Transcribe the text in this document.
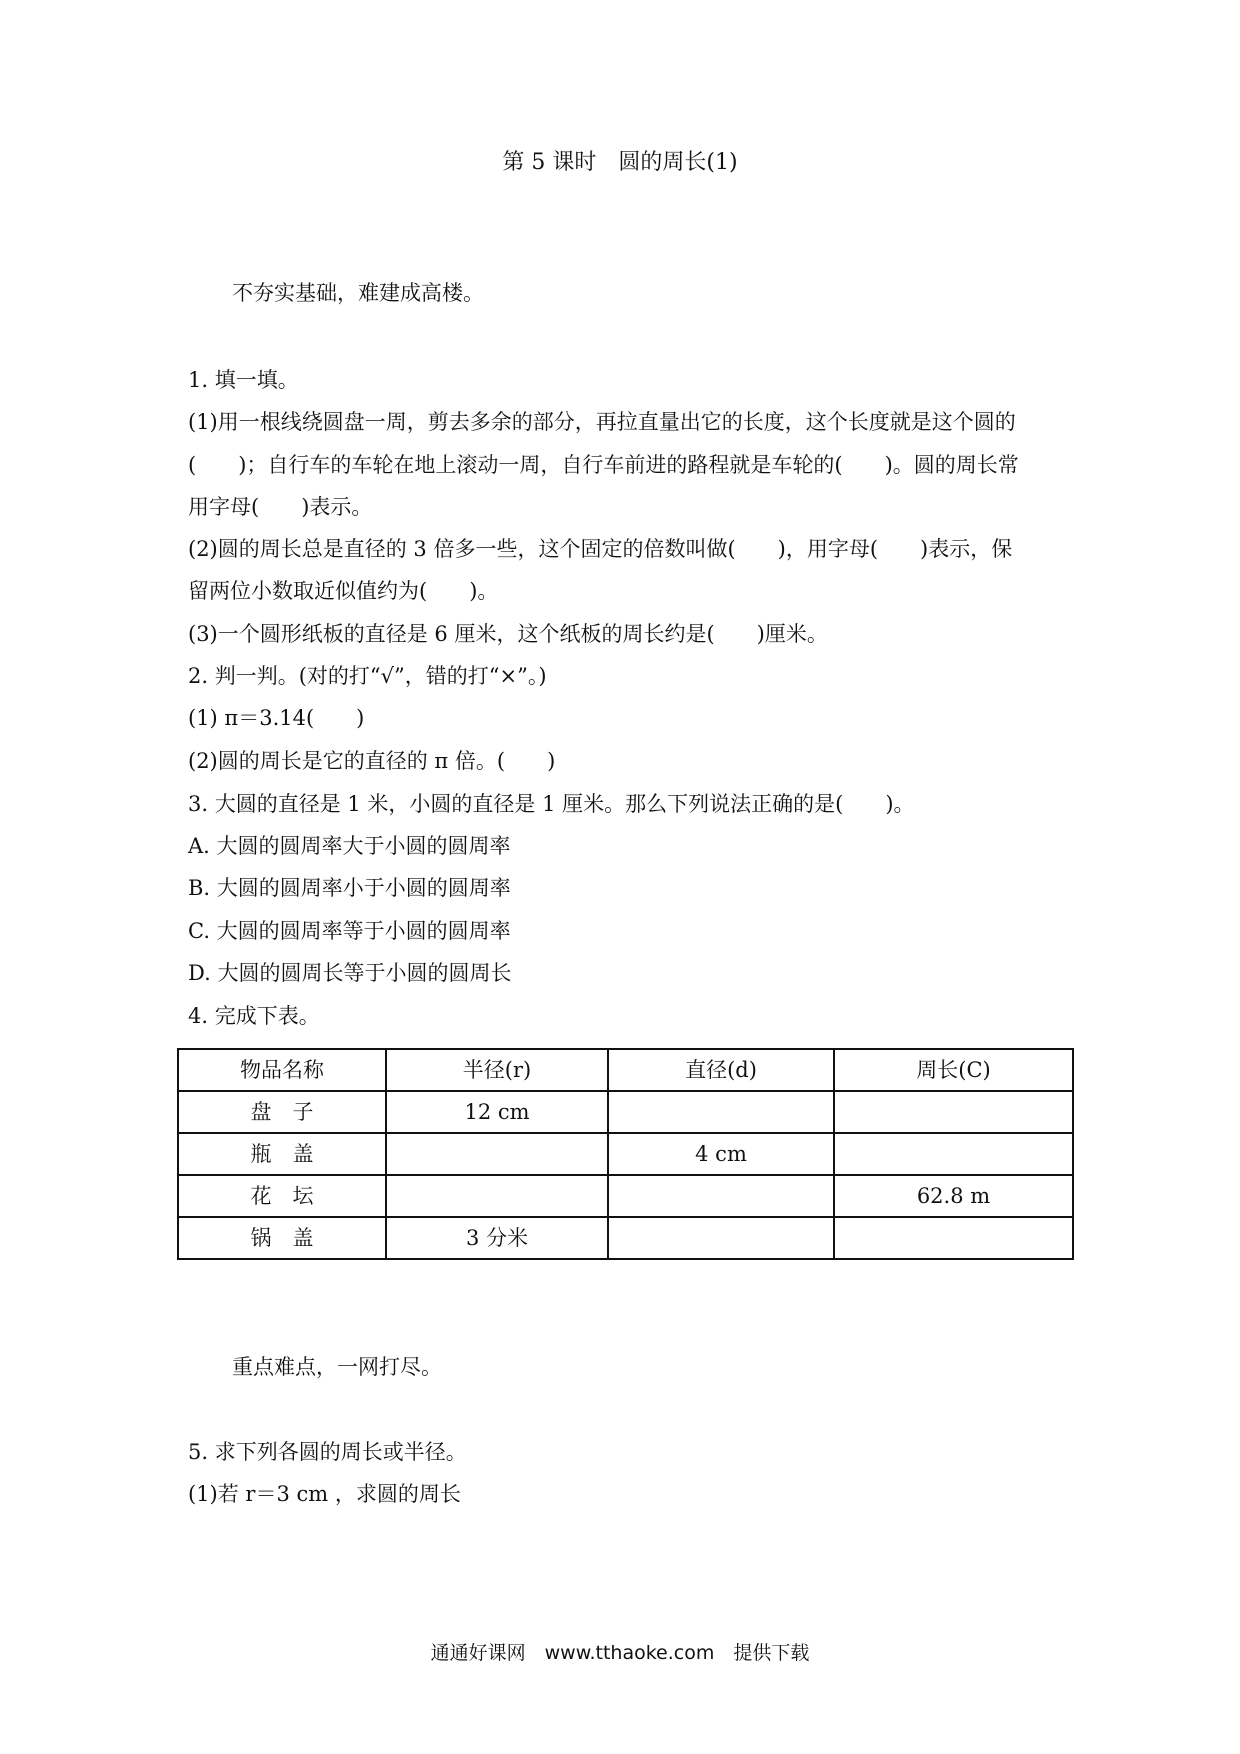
第 5 课时　圆的周长(1)
不夯实基础，难建成高楼。
1. 填一填。
(1)用一根线绕圆盘一周，剪去多余的部分，再拉直量出它的长度，这个长度就是这个圆的
(　　)；自行车的车轮在地上滚动一周，自行车前进的路程就是车轮的(　　)。圆的周长常
用字母(　　)表示。
(2)圆的周长总是直径的 3 倍多一些，这个固定的倍数叫做(　　)，用字母(　　)表示，保
留两位小数取近似值约为(　　)。
(3)一个圆形纸板的直径是 6 厘米，这个纸板的周长约是(　　)厘米。
2. 判一判。(对的打“√”，错的打“×”。)
(1) π＝3.14(　　)
(2)圆的周长是它的直径的 π 倍。(　　)
3. 大圆的直径是 1 米，小圆的直径是 1 厘米。那么下列说法正确的是(　　)。
A. 大圆的圆周率大于小圆的圆周率
B. 大圆的圆周率小于小圆的圆周率
C. 大圆的圆周率等于小圆的圆周率
D. 大圆的圆周长等于小圆的圆周长
4. 完成下表。
物品名称	半径(r)	直径(d)	周长(C)
盘　子	12 cm		
瓶　盖		4 cm	
花　坛			62.8 m
锅　盖	3 分米		
重点难点，一网打尽。
5. 求下列各圆的周长或半径。
(1)若 r＝3 cm ，求圆的周长
通通好课网　www.tthaoke.com　提供下载
